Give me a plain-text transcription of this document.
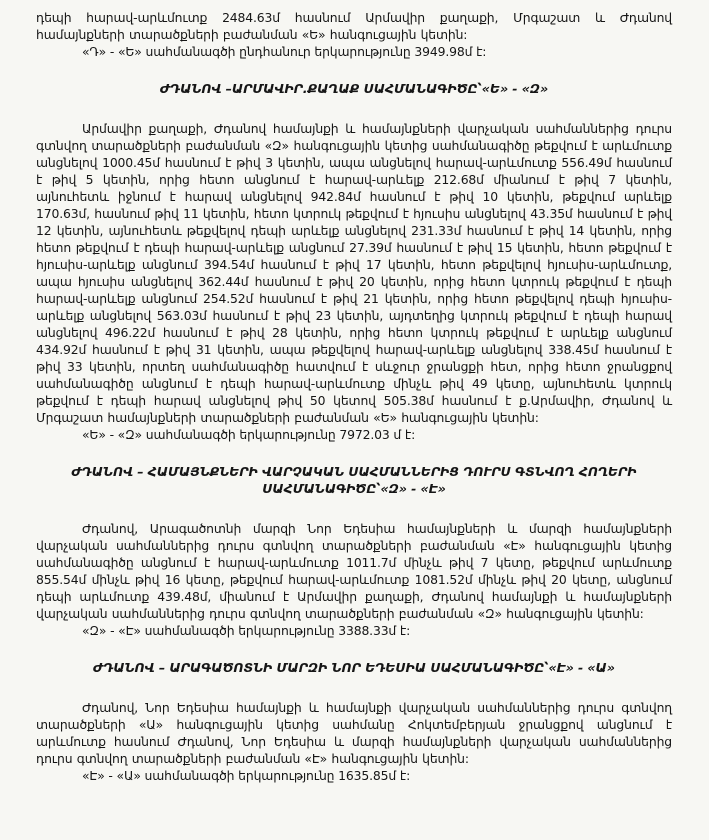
դեպի հարավ-արևմուտք 2484.63մ հասնում Արմավիր քաղաքի, Մրգաշատ և Ժդանով համայնքների տարածքների բաժանման «Ե» հանգուցային կետին:

«Դ» - «Ե» սահմանագծի ընդհանուր երկարությունը 3949.98մ է:

ԺԴԱՆՈՎ –ԱՐՄԱՎԻՐ.ՔԱՂԱՔ ՍԱՀՄԱՆԱԳԻԾԸ՝«Ե» - «Զ»

Արմավիր քաղաքի, Ժդանով համայնքի և համայնքների վարչական սահմաններից դուրս գտնվող տարածքների բաժանման «Զ» հանգուցային կետից սահմանագիծը թեքվում է արևմուտք անցնելով 1000.45մ հասնում է թիվ 3 կետին, ապա անցնելով հարավ-արևմուտք 556.49մ հասնում է թիվ 5 կետին, որից հետո անցնում է հարավ-արևելք 212.68մ միանում է թիվ 7 կետին, այնուհետև իջնում է հարավ անցնելով 942.84մ հասնում է թիվ 10 կետին, թեքվում արևելք 170.63մ, հասնում թիվ 11 կետին, հետո կտրուկ թեքվում է հյուսիս անցնելով 43.35մ հասնում է թիվ 12 կետին, այնուհետև թեքվելով դեպի արևելք անցնելով 231.33մ հասնում է թիվ 14 կետին, որից հետո թեքվում է դեպի հարավ-արևելք անցնում 27.39մ հասնում է թիվ 15 կետին, հետո թեքվում է հյուսիս-արևելք անցնում 394.54մ հասնում է թիվ 17 կետին, հետո թեքվելով հյուսիս-արևմուտք, ապա հյուսիս անցնելով 362.44մ հասնում է թիվ 20 կետին, որից հետո կտրուկ թեքվում է դեպի հարավ-արևելք անցնում 254.52մ հասնում է թիվ 21 կետին, որից հետո թեքվելով դեպի հյուսիս-արևելք անցնելով 563.03մ հասնում է թիվ 23 կետին, այդտեղից կտրուկ թեքվում է դեպի հարավ անցնելով 496.22մ հասնում է թիվ 28 կետին, որից հետո կտրուկ թեքվում է արևելք անցնում 434.92մ հասնում է թիվ 31 կետին, ապա թեքվելով հարավ-արևելք անցնելով 338.45մ հասնում է թիվ 33 կետին, որտեղ սահմանագիծը հատվում է սևջուր ջրանցքի հետ, որից հետո ջրանցքով սահմանագիծը անցնում է դեպի հարավ-արևմուտք մինչև թիվ 49 կետը, այնուհետև կտրուկ թեքվում է դեպի հարավ անցնելով թիվ 50 կետով 505.38մ հասնում է ք.Արմավիր, Ժդանով և Մրգաշատ համայնքների տարածքների բաժանման «Ե» հանգուցային կետին:

«Ե» - «Զ» սահմանագծի երկարությունը 7972.03 մ է:

ԺԴԱՆՈՎ – ՀԱՄԱՅՆՔՆԵՐԻ ՎԱՐՉԱԿԱՆ ՍԱՀՄԱՆՆԵՐԻՑ ԴՈՒՐՍ ԳՏՆՎՈՂ ՀՈՂԵՐԻ ՍԱՀՄԱՆԱԳԻԾԸ՝«Զ» - «Է»

Ժդանով, Արագածոտնի մարզի Նոր Եդեսիա համայնքների և մարզի համայնքների վարչական սահմաններից դուրս գտնվող տարածքների բաժանման «Է» հանգուցային կետից սահմանագիծը անցնում է հարավ-արևմուտք 1011.7մ մինչև թիվ 7 կետը, թեքվում արևմուտք 855.54մ մինչև թիվ 16 կետը, թեքվում հարավ-արևմուտք 1081.52մ մինչև թիվ 20 կետը, անցնում դեպի արևմուտք 439.48մ, միանում է Արմավիր քաղաքի, Ժդանով համայնքի և համայնքների վարչական սահմաններից դուրս գտնվող տարածքների բաժանման «Զ» հանգուցային կետին:

«Զ» - «Է» սահմանագծի երկարությունը 3388.33մ է:

ԺԴԱՆՈՎ – ԱՐԱԳԱԾՈՏՆԻ ՄԱՐԶԻ ՆՈՐ ԵԴԵՍԻԱ ՍԱՀՄԱՆԱԳԻԾԸ՝«Է» - «Ա»

Ժդանով, Նոր Եդեսիա համայնքի և համայնքի վարչական սահմաններից դուրս գտնվող տարածքների «Ա» հանգուցային կետից սահմանը Հոկտեմբերյան ջրանցքով անցնում է արևմուտք հասնում Ժդանով, Նոր Եդեսիա և մարզի համայնքների վարչական սահմաններից դուրս գտնվող տարածքների բաժանման «Է» հանգուցային կետին:

«Է» - «Ա» սահմանագծի երկարությունը 1635.85մ է:
